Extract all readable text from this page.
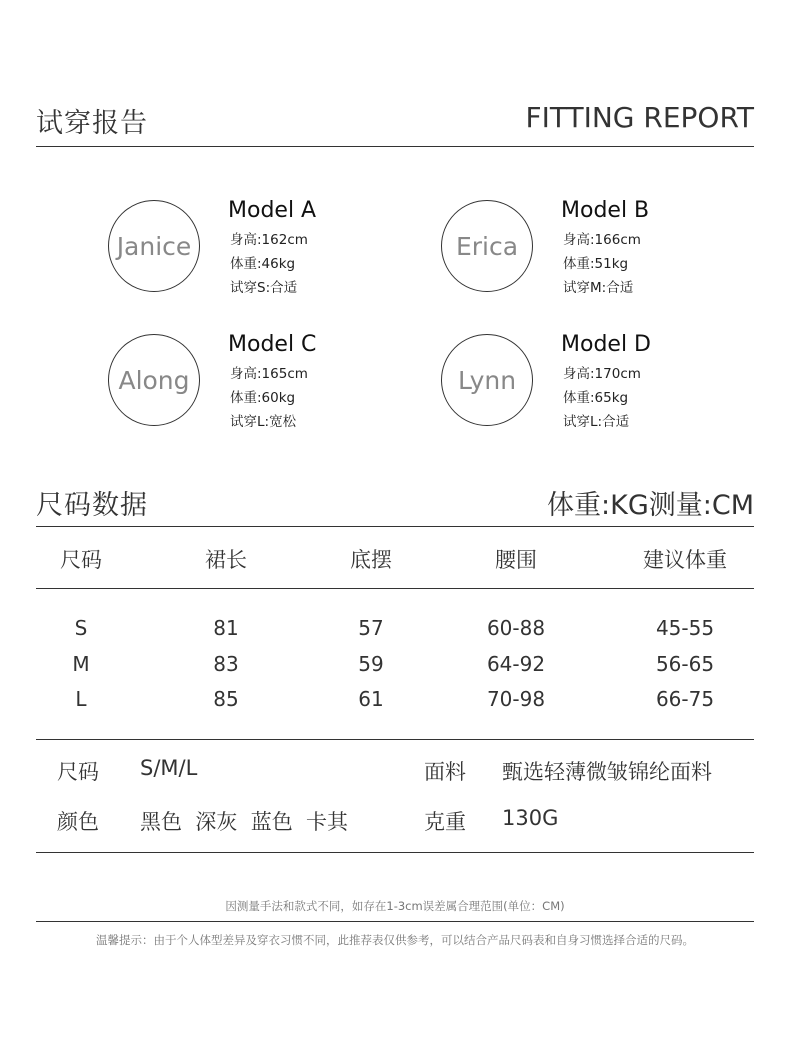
试穿报告	FITTING REPORT
Janice
Model A
身高:162cm
体重:46kg
试穿S:合适
Erica
Model B
身高:166cm
体重:51kg
试穿M:合适
Along
Model C
身高:165cm
体重:60kg
试穿L:宽松
Lynn
Model D
身高:170cm
体重:65kg
试穿L:合适
尺码数据	体重:KG测量:CM
尺码	裙长	底摆	腰围	建议体重
S	81	57	60-88	45-55
M	83	59	64-92	56-65
L	85	61	70-98	66-75
尺码 S/M/L	面料 甄选轻薄微皱锦纶面料
颜色 黑色  深灰  蓝色  卡其	克重 130G
因测量手法和款式不同，如存在1-3cm误差属合理范围(单位：CM)
温馨提示：由于个人体型差异及穿衣习惯不同，此推荐表仅供参考，可以结合产品尺码表和自身习惯选择合适的尺码。
